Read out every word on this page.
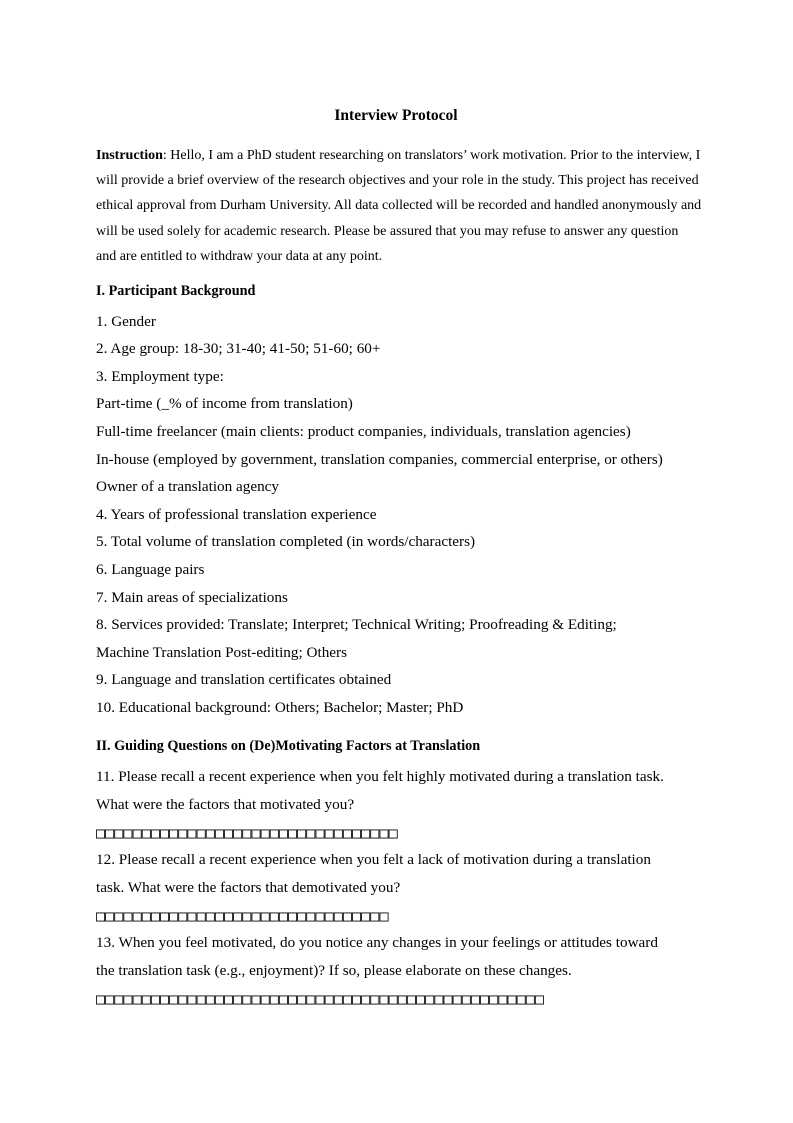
Interview Protocol

Instruction: Hello, I am a PhD student researching on translators’ work motivation. Prior to the interview, I will provide a brief overview of the research objectives and your role in the study. This project has received ethical approval from Durham University. All data collected will be recorded and handled anonymously and will be used solely for academic research. Please be assured that you may refuse to answer any question and are entitled to withdraw your data at any point.

I. Participant Background
1. Gender
2. Age group: 18-30; 31-40; 41-50; 51-60; 60+
3. Employment type:
Part-time (_% of income from translation)
Full-time freelancer (main clients: product companies, individuals, translation agencies)
In-house (employed by government, translation companies, commercial enterprise, or others)
Owner of a translation agency
4. Years of professional translation experience
5. Total volume of translation completed (in words/characters)
6. Language pairs
7. Main areas of specializations
8. Services provided: Translate; Interpret; Technical Writing; Proofreading & Editing;
Machine Translation Post-editing; Others
9. Language and translation certificates obtained
10. Educational background: Others; Bachelor; Master; PhD
II. Guiding Questions on (De)Motivating Factors at Translation
11. Please recall a recent experience when you felt highly motivated during a translation task.
What were the factors that motivated you?
□□□□□□□□□□□□□□□□□□□□□□□□□□□□□□□□□
12. Please recall a recent experience when you felt a lack of motivation during a translation
task. What were the factors that demotivated you?
□□□□□□□□□□□□□□□□□□□□□□□□□□□□□□□□
13. When you feel motivated, do you notice any changes in your feelings or attitudes toward
the translation task (e.g., enjoyment)? If so, please elaborate on these changes.
□□□□□□□□□□□□□□□□□□□□□□□□□□□□□□□□□□□□□□□□□□□□□□□□□
